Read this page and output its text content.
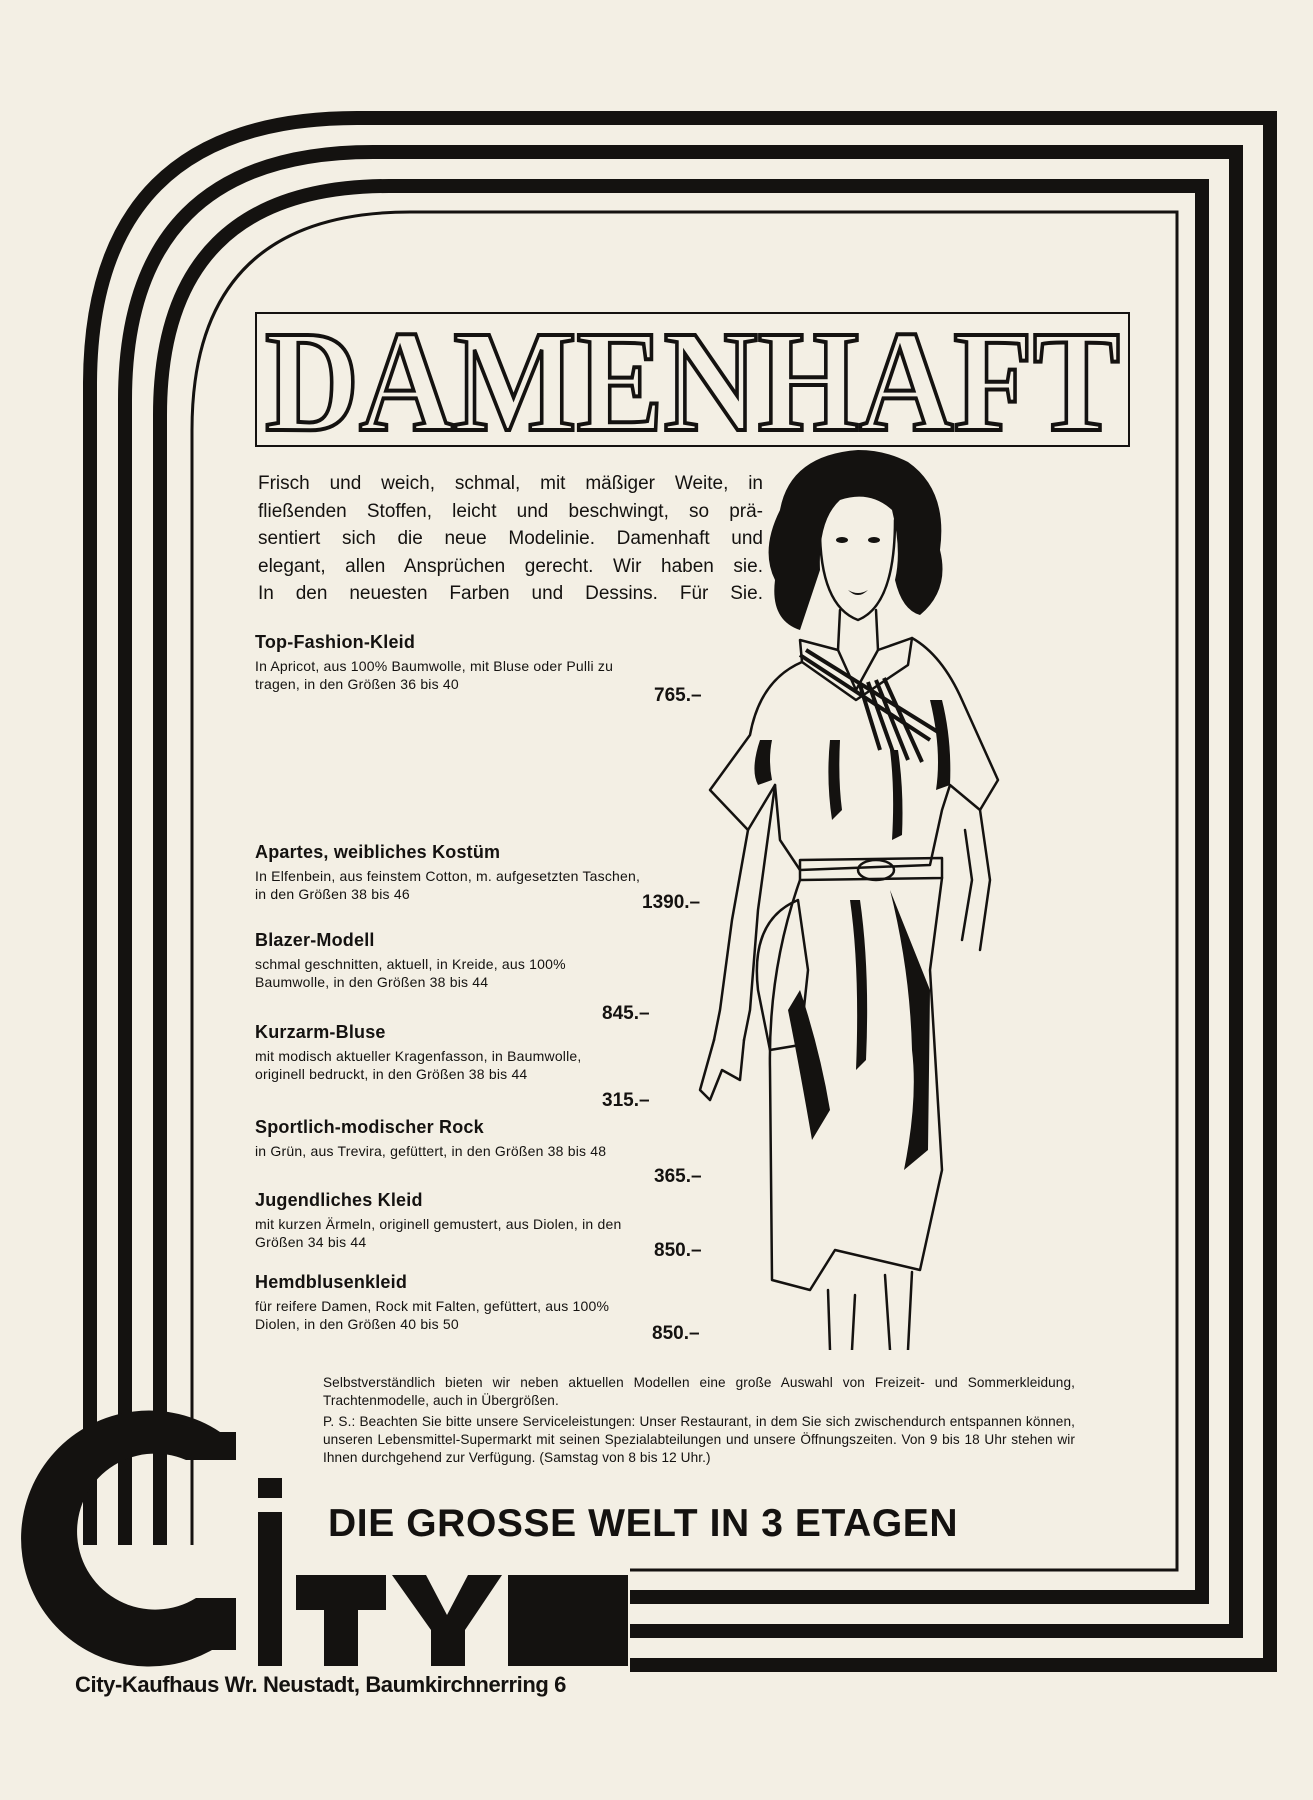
DAMENHAFT
Frisch und weich, schmal, mit mäßiger Weite, in
fließenden Stoffen, leicht und beschwingt, so prä-
sentiert sich die neue Modelinie. Damenhaft und
elegant, allen Ansprüchen gerecht. Wir haben sie.
In den neuesten Farben und Dessins. Für Sie.
Top-Fashion-Kleid
In Apricot, aus 100% Baumwolle, mit Bluse oder Pulli zu
tragen, in den Größen 36 bis 40
765.–
Apartes, weibliches Kostüm
In Elfenbein, aus feinstem Cotton, m. aufgesetzten Taschen,
in den Größen 38 bis 46	1390.–
Blazer-Modell
schmal geschnitten, aktuell, in Kreide, aus 100%
Baumwolle, in den Größen 38 bis 44
845.–
Kurzarm-Bluse
mit modisch aktueller Kragenfasson, in Baumwolle,
originell bedruckt, in den Größen 38 bis 44
315.–
Sportlich-modischer Rock
in Grün, aus Trevira, gefüttert, in den Größen 38 bis 48
365.–
Jugendliches Kleid
mit kurzen Ärmeln, originell gemustert, aus Diolen, in den
Größen 34 bis 44	850.–
Hemdblusenkleid
für reifere Damen, Rock mit Falten, gefüttert, aus 100%
Diolen, in den Größen 40 bis 50	850.–
Selbstverständlich bieten wir neben aktuellen Modellen eine große Auswahl von Freizeit- und Sommerkleidung, Trachtenmodelle, auch in Übergrößen.
P. S.: Beachten Sie bitte unsere Serviceleistungen: Unser Restaurant, in dem Sie sich zwischendurch entspannen können, unseren Lebensmittel-Supermarkt mit seinen Spezialabteilungen und unsere Öffnungszeiten. Von 9 bis 18 Uhr stehen wir Ihnen durchgehend zur Verfügung. (Samstag von 8 bis 12 Uhr.)
DIE GROSSE WELT IN 3 ETAGEN
City-Kaufhaus Wr. Neustadt, Baumkirchnerring 6
